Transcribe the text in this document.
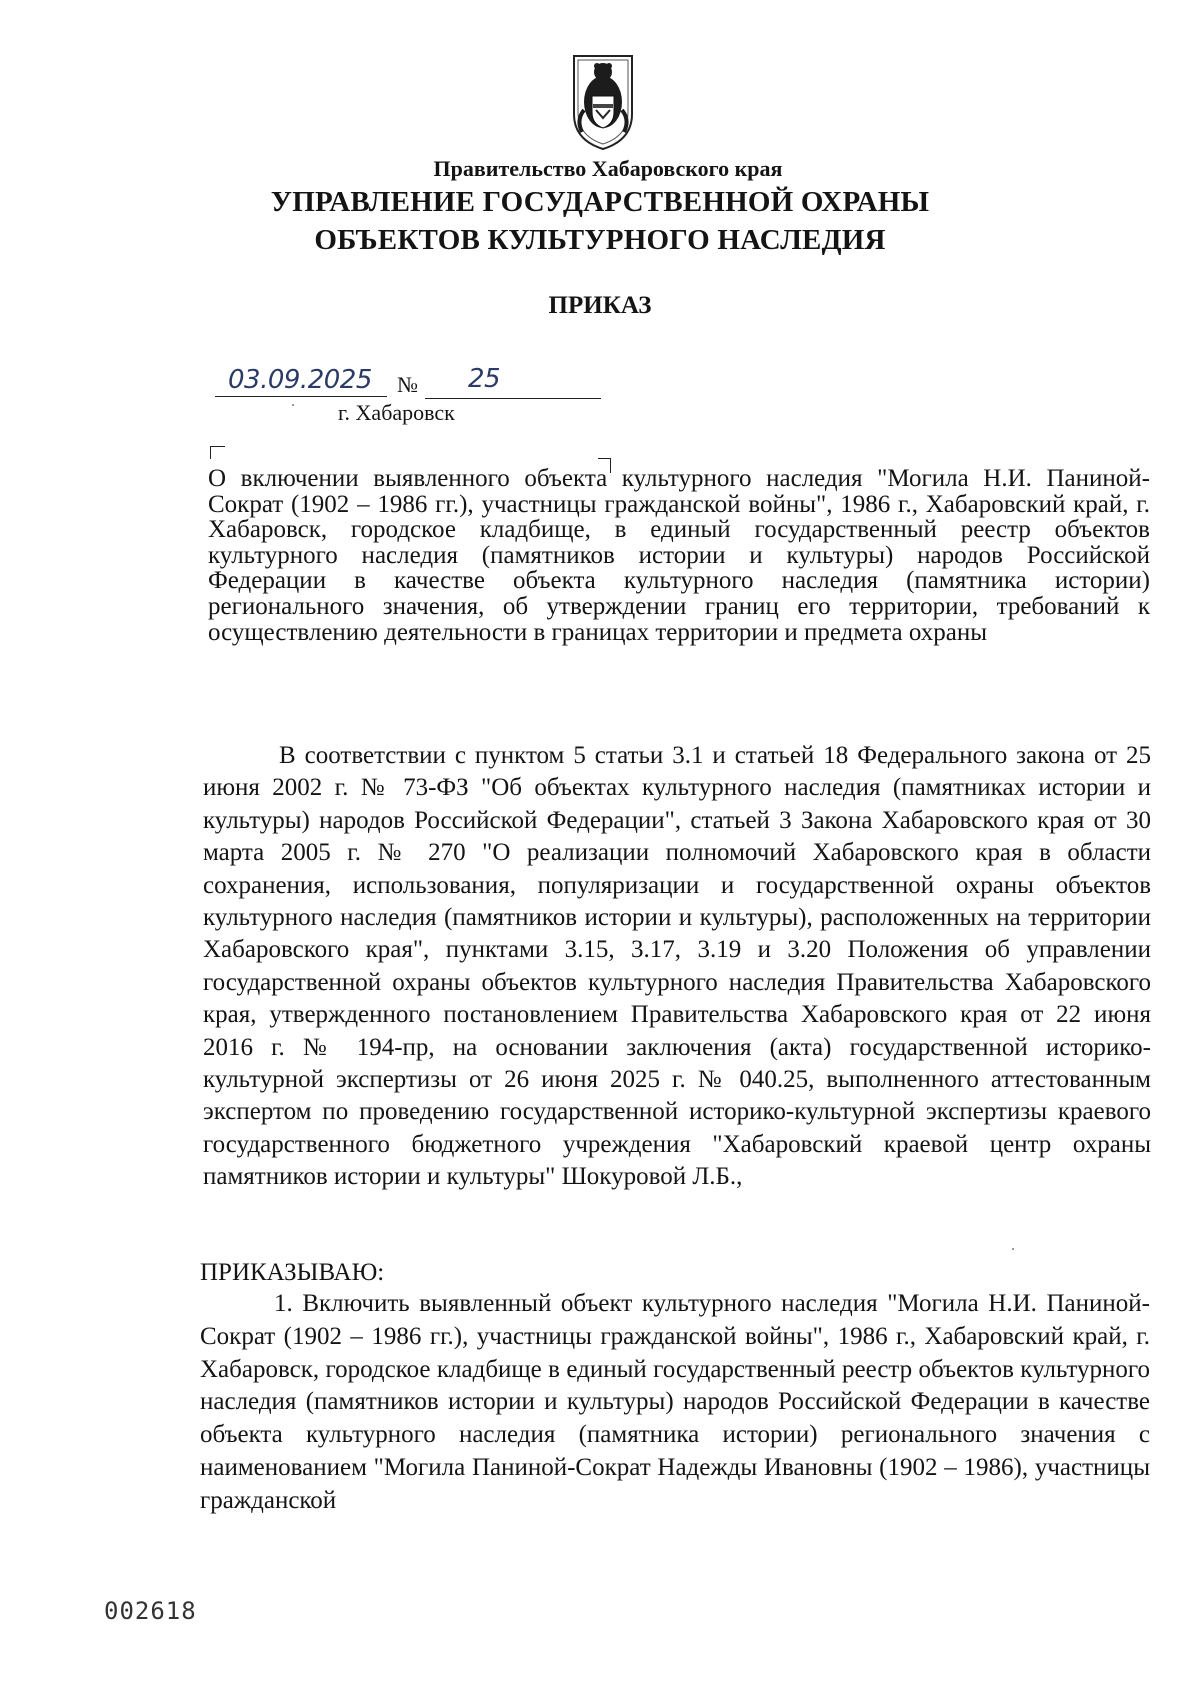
Правительство Хабаровского края
УПРАВЛЕНИЕ ГОСУДАРСТВЕННОЙ ОХРАНЫ
ОБЪЕКТОВ КУЛЬТУРНОГО НАСЛЕДИЯ
ПРИКАЗ
03.09.2025 № 25
г. Хабаровск
О включении выявленного объекта культурного наследия "Могила Н.И. Паниной-Сократ (1902 – 1986 гг.), участницы гражданской войны", 1986 г., Хабаровский край, г. Хабаровск, городское кладбище, в единый государственный реестр объектов культурного наследия (памятников истории и культуры) народов Российской Федерации в качестве объекта культурного наследия (памятника истории) регионального значения, об утверждении границ его территории, требований к осуществлению деятельности в границах территории и предмета охраны
В соответствии с пунктом 5 статьи 3.1 и статьей 18 Федерального закона от 25 июня 2002 г. № 73-ФЗ "Об объектах культурного наследия (памятниках истории и культуры) народов Российской Федерации", статьей 3 Закона Хабаровского края от 30 марта 2005 г. № 270 "О реализации полномочий Хабаровского края в области сохранения, использования, популяризации и государственной охраны объектов культурного наследия (памятников истории и культуры), расположенных на территории Хабаровского края", пунктами 3.15, 3.17, 3.19 и 3.20 Положения об управлении государственной охраны объектов культурного наследия Правительства Хабаровского края, утвержденного постановлением Правительства Хабаровского края от 22 июня 2016 г. № 194-пр, на основании заключения (акта) государственной историко-культурной экспертизы от 26 июня 2025 г. № 040.25, выполненного аттестованным экспертом по проведению государственной историко-культурной экспертизы краевого государственного бюджетного учреждения "Хабаровский краевой центр охраны памятников истории и культуры" Шокуровой Л.Б.,
ПРИКАЗЫВАЮ:
1. Включить выявленный объект культурного наследия "Могила Н.И. Паниной-Сократ (1902 – 1986 гг.), участницы гражданской войны", 1986 г., Хабаровский край, г. Хабаровск, городское кладбище в единый государственный реестр объектов культурного наследия (памятников истории и культуры) народов Российской Федерации в качестве объекта культурного наследия (памятника истории) регионального значения с наименованием "Могила Паниной-Сократ Надежды Ивановны (1902 – 1986), участницы гражданской
002618
